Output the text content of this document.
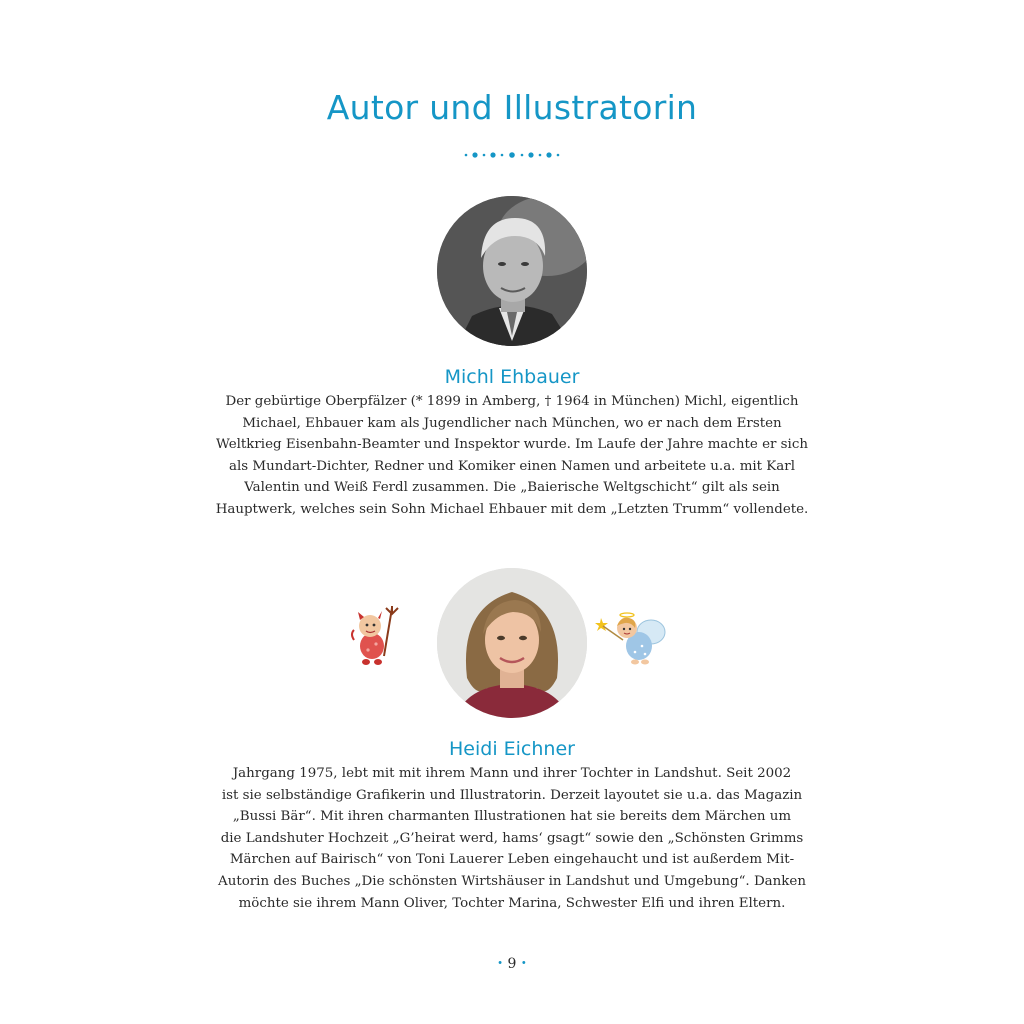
Autor und Illustratorin
Michl Ehbauer
Der gebürtige Oberpfälzer (* 1899 in Amberg, † 1964 in München) Michl, eigentlich
Michael, Ehbauer kam als Jugendlicher nach München, wo er nach dem Ersten
Weltkrieg Eisenbahn-Beamter und Inspektor wurde. Im Laufe der Jahre machte er sich
als Mundart-Dichter, Redner und Komiker einen Namen und arbeitete u.a. mit Karl
Valentin und Weiß Ferdl zusammen. Die „Baierische Weltgschicht“ gilt als sein
Hauptwerk, welches sein Sohn Michael Ehbauer mit dem „Letzten Trumm“ vollendete.
Heidi Eichner
Jahrgang 1975, lebt mit mit ihrem Mann und ihrer Tochter in Landshut. Seit 2002
ist sie selbständige Grafikerin und Illustratorin. Derzeit layoutet sie u.a. das Magazin
„Bussi Bär“. Mit ihren charmanten Illustrationen hat sie bereits dem Märchen um
die Landshuter Hochzeit „G’heirat werd, hams‘ gsagt“ sowie den „Schönsten Grimms
Märchen auf Bairisch“ von Toni Lauerer Leben eingehaucht und ist außerdem Mit-
Autorin des Buches „Die schönsten Wirtshäuser in Landshut und Umgebung“. Danken
möchte sie ihrem Mann Oliver, Tochter Marina, Schwester Elfi und ihren Eltern.
• 9 •
